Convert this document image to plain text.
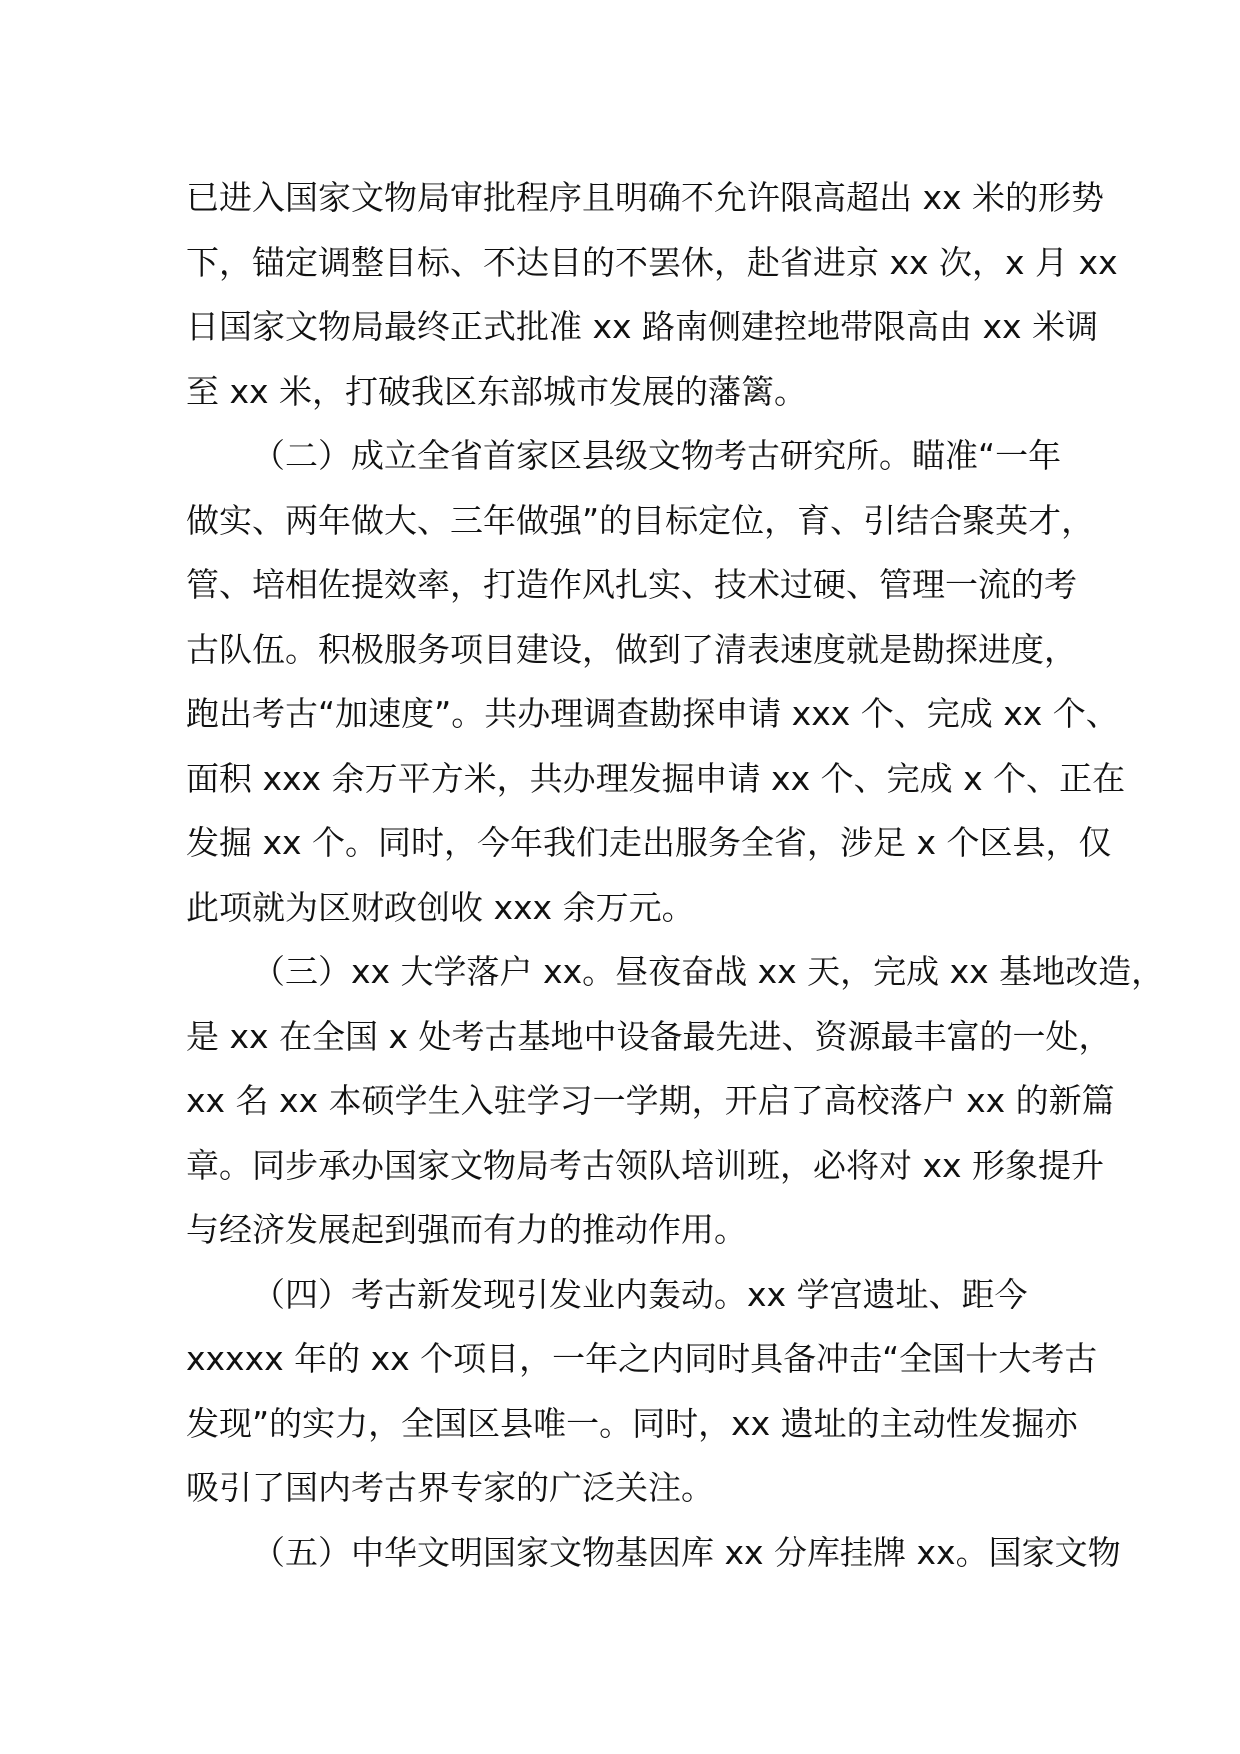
已进入国家文物局审批程序且明确不允许限高超出 xx 米的形势
下，锚定调整目标、不达目的不罢休，赴省进京 xx 次，x 月 xx
日国家文物局最终正式批准 xx 路南侧建控地带限高由 xx 米调
至 xx 米，打破我区东部城市发展的藩篱。
（二）成立全省首家区县级文物考古研究所。瞄准“一年
做实、两年做大、三年做强”的目标定位，育、引结合聚英才，
管、培相佐提效率，打造作风扎实、技术过硬、管理一流的考
古队伍。积极服务项目建设，做到了清表速度就是勘探进度，
跑出考古“加速度”。共办理调查勘探申请 xxx 个、完成 xx 个、
面积 xxx 余万平方米，共办理发掘申请 xx 个、完成 x 个、正在
发掘 xx 个。同时，今年我们走出服务全省，涉足 x 个区县，仅
此项就为区财政创收 xxx 余万元。
（三）xx 大学落户 xx。昼夜奋战 xx 天，完成 xx 基地改造，
是 xx 在全国 x 处考古基地中设备最先进、资源最丰富的一处，
xx 名 xx 本硕学生入驻学习一学期，开启了高校落户 xx 的新篇
章。同步承办国家文物局考古领队培训班，必将对 xx 形象提升
与经济发展起到强而有力的推动作用。
（四）考古新发现引发业内轰动。xx 学宫遗址、距今
xxxxx 年的 xx 个项目，一年之内同时具备冲击“全国十大考古
发现”的实力，全国区县唯一。同时，xx 遗址的主动性发掘亦
吸引了国内考古界专家的广泛关注。
（五）中华文明国家文物基因库 xx 分库挂牌 xx。国家文物
